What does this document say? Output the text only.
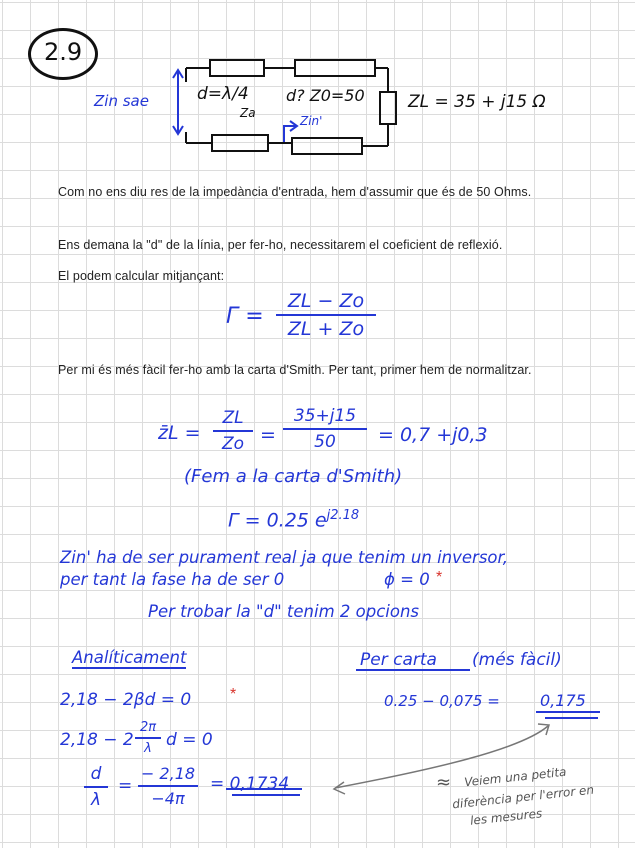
2.9
Zin sae	d=λ/4
Za
d? Z0=50
Zin'
ZL = 35 + j15 Ω
Com no ens diu res de la impedància d'entrada, hem d'assumir que és de 50 Ohms.
Ens demana la "d" de la línia, per fer-ho, necessitarem el coeficient de reflexió.
El podem calcular mitjançant:
Γ =
ZL − Zo
ZL + Zo
Per mi és més fàcil fer-ho amb la carta d'Smith. Per tant, primer hem de normalitzar.
z̄L =
ZL
Zo =
35+j15
50 = 0,7 +j0,3
(Fem a la carta d'Smith)
Γ = 0.25 $e^{j2.18}$
Zin' ha de ser purament real ja que tenim un inversor,
per tant la fase ha de ser 0	ϕ = 0 *
Per trobar la "d" tenim 2 opcions
Analíticament
2,18 − 2βd = 0 *
2,18 − 2
2π
λ d = 0
d
λ
=
− 2,18
−4π
= 0,1734
Per carta (més fàcil)
0.25 − 0,075 =	0,175
≈ Veiem una petita
diferència per l'error en
les mesures
